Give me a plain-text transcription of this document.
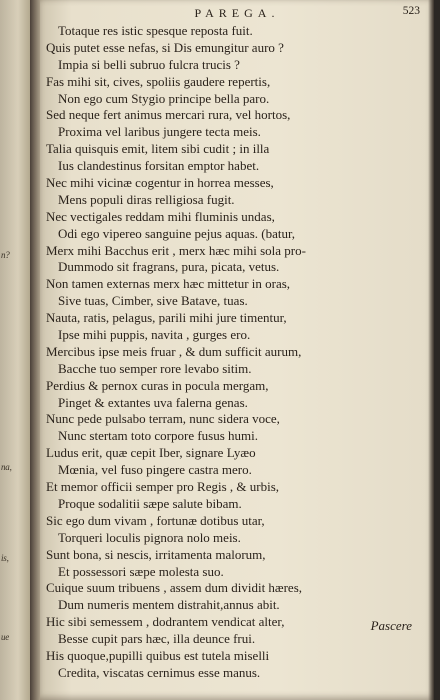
n?
na,
is,
ue
PAREGA.	523
Totaque res istic spesque reposta fuit.
Quis putet esse nefas, si Dis emungitur auro ?
Impia si belli subruo fulcra trucis ?
Fas mihi sit, cives, spoliis gaudere repertis,
Non ego cum Stygio principe bella paro.
Sed neque fert animus mercari rura, vel hortos,
Proxima vel laribus jungere tecta meis.
Talia quisquis emit, litem sibi cudit ; in illa
Ius clandestinus forsitan emptor habet.
Nec mihi vicinæ cogentur in horrea messes,
Mens populi diras relligiosa fugit.
Nec vectigales reddam mihi fluminis undas,
Odi ego vipereo sanguine pejus aquas. (batur,
Merx mihi Bacchus erit , merx hæc mihi sola pro-
Dummodo sit fragrans, pura, picata, vetus.
Non tamen externas merx hæc mittetur in oras,
Sive tuas, Cimber, sive Batave, tuas.
Nauta, ratis, pelagus, parili mihi jure timentur,
Ipse mihi puppis, navita , gurges ero.
Mercibus ipse meis fruar , & dum sufficit aurum,
Bacche tuo semper rore levabo sitim.
Perdius & pernox curas in pocula mergam,
Pinget & extantes uva falerna genas.
Nunc pede pulsabo terram, nunc sidera voce,
Nunc stertam toto corpore fusus humi.
Ludus erit, quæ cepit Iber, signare Lyæo
Mœnia, vel fuso pingere castra mero.
Et memor officii semper pro Regis , & urbis,
Proque sodalitii sæpe salute bibam.
Sic ego dum vivam , fortunæ dotibus utar,
Torqueri loculis pignora nolo meis.
Sunt bona, si nescis, irritamenta malorum,
Et possessori sæpe molesta suo.
Cuique suum tribuens , assem dum dividit hæres,
Dum numeris mentem distrahit,annus abit.
Hic sibi semessem , dodrantem vendicat alter,
Besse cupit pars hæc, illa deunce frui.
His quoque,pupilli quibus est tutela miselli
Credita, viscatas cernimus esse manus.
Pascere
